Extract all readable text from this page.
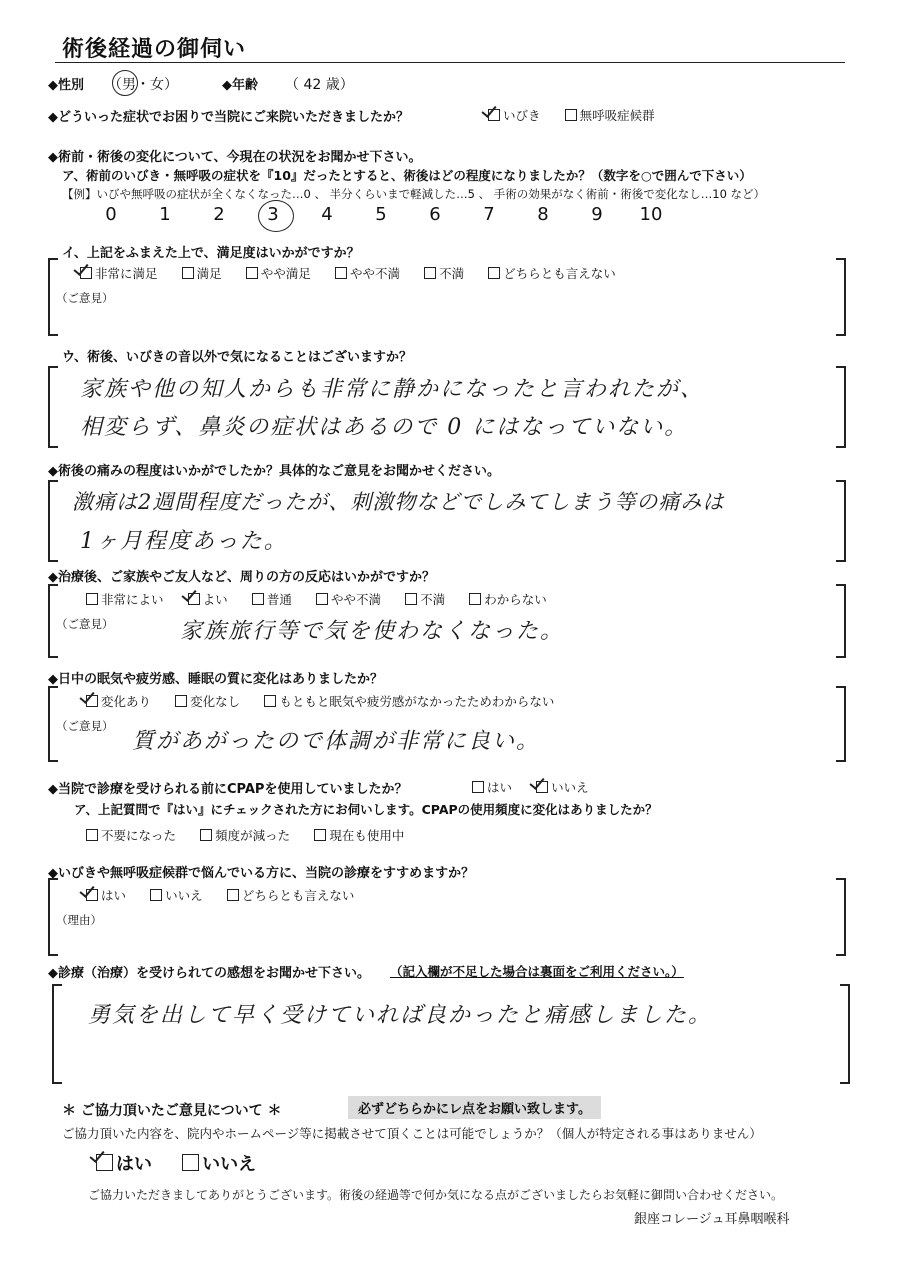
術後経過の御伺い
◆性別 （男・女）	◆年齢 （ 42 歳）
◆どういった症状でお困りで当院にご来院いただきましたか？	いびき	無呼吸症候群
◆術前・術後の変化について、今現在の状況をお聞かせ下さい。
ア、術前のいびき・無呼吸の症状を『10』だったとすると、術後はどの程度になりましたか？（数字を○で囲んで下さい）
【例】いびや無呼吸の症状が全くなくなった…0 、 半分くらいまで軽減した…5 、 手術の効果がなく術前・術後で変化なし…10 など）
0 1 2 3 4 5 6 7 8 9 10
イ、上記をふまえた上で、満足度はいかがですか？
非常に満足	満足	やや満足	やや不満	不満	どちらとも言えない
（ご意見）
ウ、術後、いびきの音以外で気になることはございますか？
家族や他の知人からも非常に静かになったと言われたが、
相変らず、鼻炎の症状はあるので 0 にはなっていない。
◆術後の痛みの程度はいかがでしたか？具体的なご意見をお聞かせください。
激痛は2週間程度だったが、刺激物などでしみてしまう等の痛みは
1ヶ月程度あった。
◆治療後、ご家族やご友人など、周りの方の反応はいかがですか？
非常によい	よい	普通	やや不満	不満	わからない
（ご意見）	家族旅行等で気を使わなくなった。
◆日中の眠気や疲労感、睡眠の質に変化はありましたか？
変化あり	変化なし	もともと眠気や疲労感がなかったためわからない
（ご意見）
質があがったので体調が非常に良い。
◆当院で診療を受けられる前にCPAPを使用していましたか？	はい	いいえ
ア、上記質問で『はい』にチェックされた方にお伺いします。CPAPの使用頻度に変化はありましたか？
不要になった	頻度が減った	現在も使用中
◆いびきや無呼吸症候群で悩んでいる方に、当院の診療をすすめますか？
はい	いいえ	どちらとも言えない
（理由）
◆診療（治療）を受けられての感想をお聞かせ下さい。 （記入欄が不足した場合は裏面をご利用ください。）
勇気を出して早く受けていれば良かったと痛感しました。
＊ ご協力頂いたご意見について ＊	必ずどちらかにレ点をお願い致します。
ご協力頂いた内容を、院内やホームページ等に掲載させて頂くことは可能でしょうか？（個人が特定される事はありません）
はい	いいえ
ご協力いただきましてありがとうございます。術後の経過等で何か気になる点がございましたらお気軽に御問い合わせください。
銀座コレージュ耳鼻咽喉科
